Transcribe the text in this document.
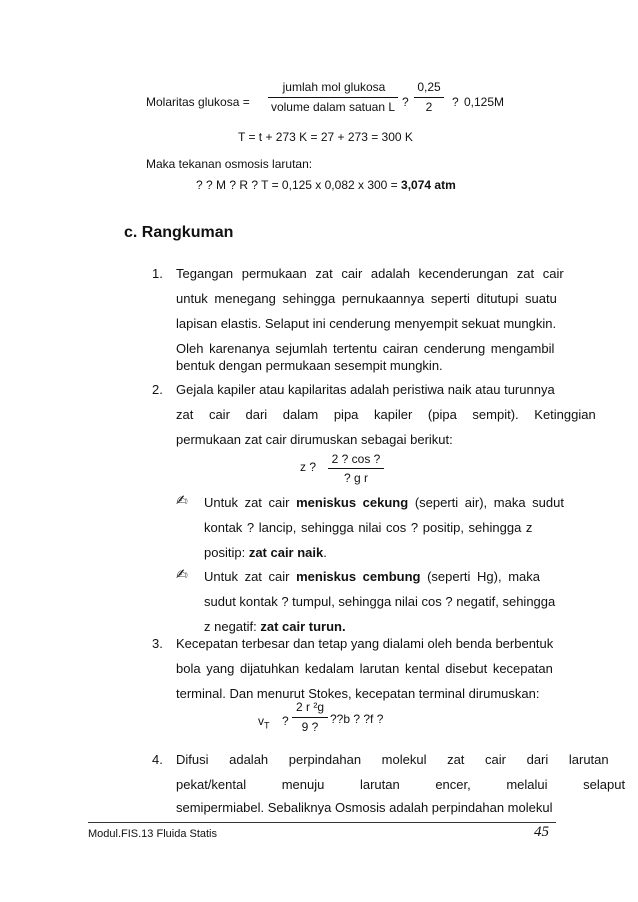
Molaritas glukosa =
jumlah mol glukosa
volume dalam satuan L ?
0,25
2	? 0,125M
T = t + 273 K = 27 + 273 = 300 K
Maka tekanan osmosis larutan:
? ? M ? R ? T = 0,125 x 0,082 x 300 = 3,074 atm
c. Rangkuman
1. Tegangan permukaan zat cair adalah kecenderungan zat cair
untuk menegang sehingga pernukaannya seperti ditutupi suatu
lapisan elastis. Selaput ini cenderung menyempit sekuat mungkin.
Oleh karenanya sejumlah tertentu cairan cenderung mengambil
bentuk dengan permukaan sesempit mungkin.
2. Gejala kapiler atau kapilaritas adalah peristiwa naik atau turunnya
zat cair dari dalam pipa kapiler (pipa sempit). Ketinggian
permukaan zat cair dirumuskan sebagai berikut:
z ?
2 ? cos ?
? g r
✍ Untuk zat cair meniskus cekung (seperti air), maka sudut
kontak ? lancip, sehingga nilai cos ? positip, sehingga z
positip: zat cair naik.
✍ Untuk zat cair meniskus cembung (seperti Hg), maka
sudut kontak ? tumpul, sehingga nilai cos ? negatif, sehingga
z negatif: zat cair turun.
3. Kecepatan terbesar dan tetap yang dialami oleh benda berbentuk
bola yang dijatuhkan kedalam larutan kental disebut kecepatan
terminal. Dan menurut Stokes, kecepatan terminal dirumuskan:
$v_T$ ?
2 r ²g
9 ?
??b ? ?f ?
4. Difusi adalah perpindahan molekul zat cair dari larutan
pekat/kental menuju larutan encer, melalui selaput
semipermiabel. Sebaliknya Osmosis adalah perpindahan molekul
Modul.FIS.13 Fluida Statis	45
